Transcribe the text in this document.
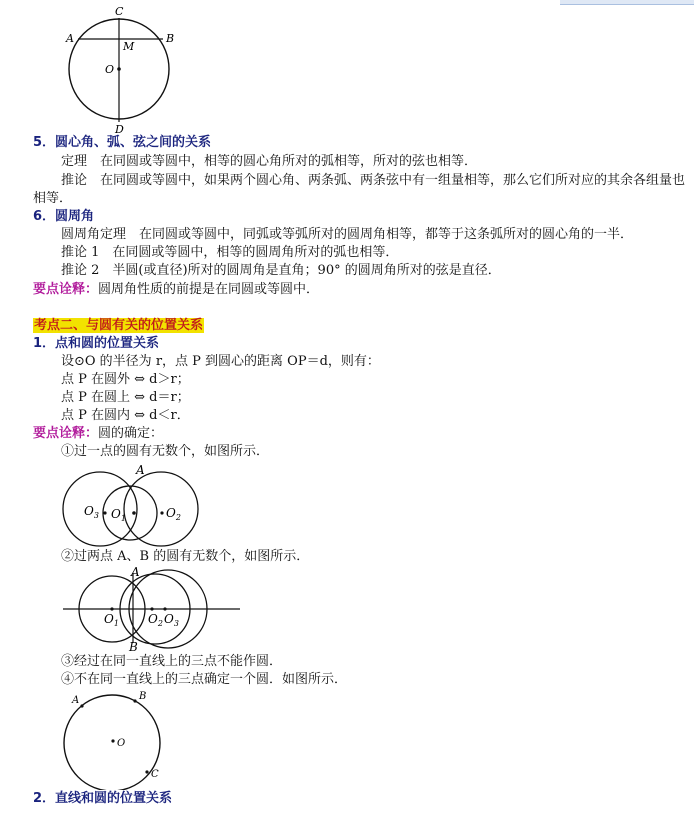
C
A	B
M
O
D
5．圆心角、弧、弦之间的关系
定理　在同圆或等圆中，相等的圆心角所对的弧相等，所对的弦也相等．
推论　在同圆或等圆中，如果两个圆心角、两条弧、两条弦中有一组量相等，那么它们所对应的其余各组量也相等．
6．圆周角
圆周角定理　在同圆或等圆中，同弧或等弧所对的圆周角相等，都等于这条弧所对的圆心角的一半．
推论 1　在同圆或等圆中，相等的圆周角所对的弧也相等．
推论 2　半圆(或直径)所对的圆周角是直角；90° 的圆周角所对的弦是直径．
要点诠释：圆周角性质的前提是在同圆或等圆中．
考点二、与圆有关的位置关系
1．点和圆的位置关系
设⊙O 的半径为 r，点 P 到圆心的距离 OP＝d，则有：
点 P 在圆外 ⇔ d＞r；
点 P 在圆上 ⇔ d＝r；
点 P 在圆内 ⇔ d＜r．
要点诠释：圆的确定：
①过一点的圆有无数个，如图所示．
A
$O_3$ $O_1$	$O_2$
②过两点 A、B 的圆有无数个，如图所示．
A
B
$O_1$ $O_2$ $O_3$
③经过在同一直线上的三点不能作圆．
④不在同一直线上的三点确定一个圆．如图所示．
A	B
O
C
2．直线和圆的位置关系
